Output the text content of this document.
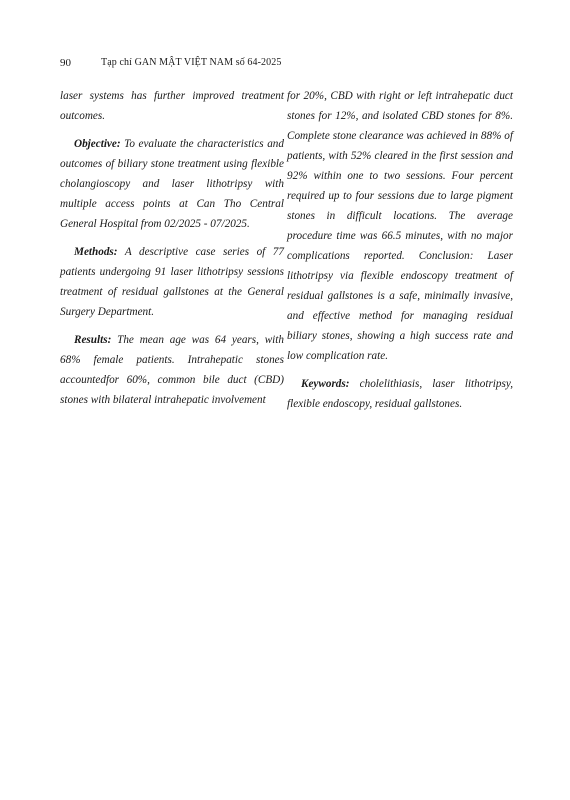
90	Tạp chí GAN MẬT VIỆT NAM số 64-2025

laser systems has further improved treatment outcomes.

Objective: To evaluate the characteristics and outcomes of biliary stone treatment using flexible cholangioscopy and laser lithotripsy with multiple access points at Can Tho Central General Hospital from 02/2025 - 07/2025.

Methods: A descriptive case series of 77 patients undergoing 91 laser lithotripsy sessions treatment of residual gallstones at the General Surgery Department.

Results: The mean age was 64 years, with 68% female patients. Intrahepatic stones accountedfor 60%, common bile duct (CBD) stones with bilateral intrahepatic involvement

for 20%, CBD with right or left intrahepatic duct stones for 12%, and isolated CBD stones for 8%. Complete stone clearance was achieved in 88% of patients, with 52% cleared in the first session and 92% within one to two sessions. Four percent required up to four sessions due to large pigment stones in difficult locations. The average procedure time was 66.5 minutes, with no major complications reported. Conclusion: Laser lithotripsy via flexible endoscopy treatment of residual gallstones is a safe, minimally invasive, and effective method for managing residual biliary stones, showing a high success rate and low complication rate.

Keywords: cholelithiasis, laser lithotripsy, flexible endoscopy, residual gallstones.
